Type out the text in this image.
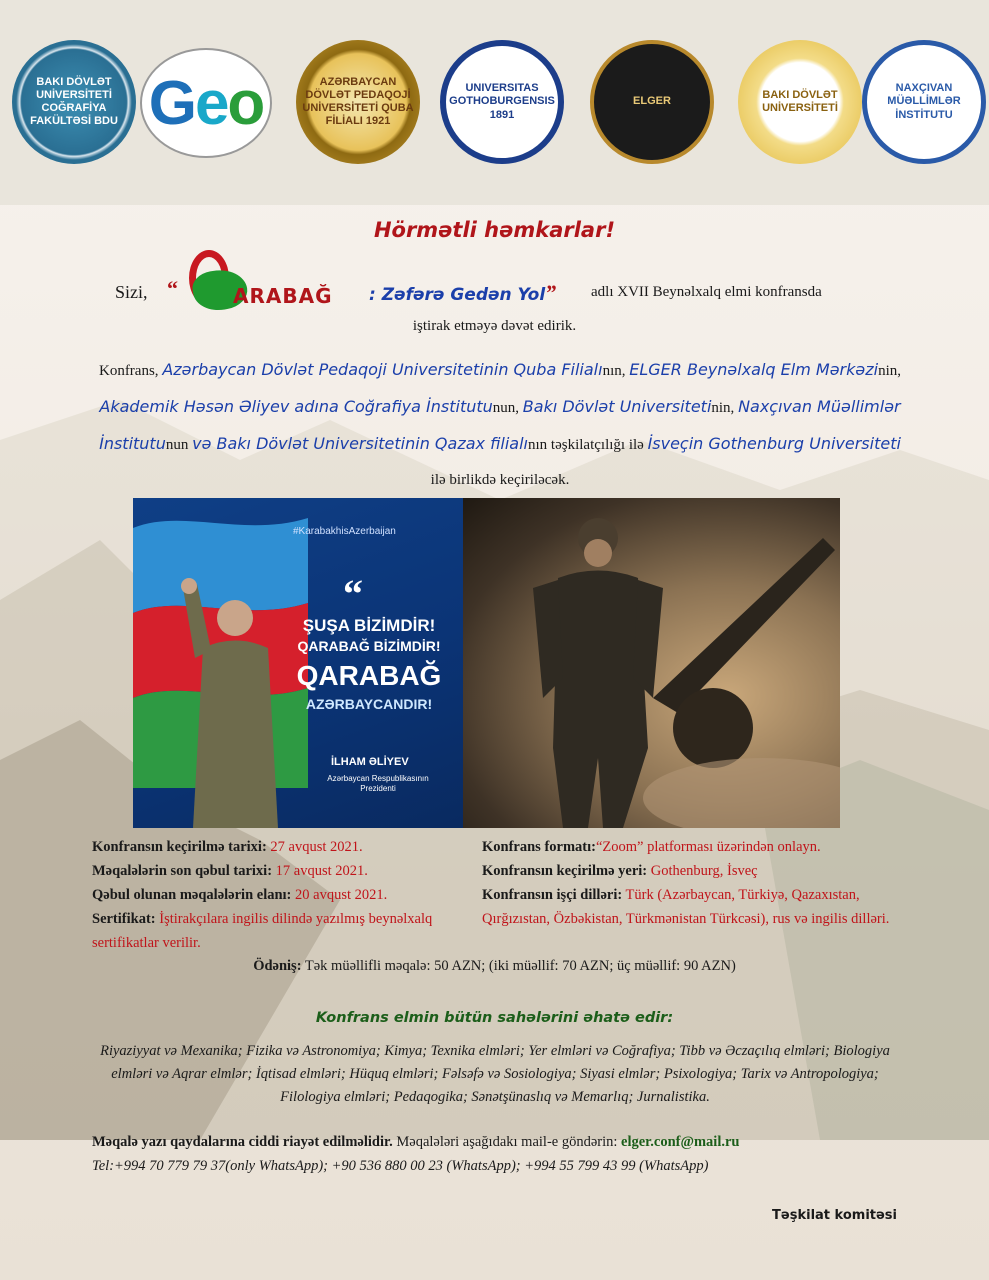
BAKI DÖVLƏT UNİVERSİTETİ COĞRAFİYA FAKÜLTƏSİ BDU Geo	AZƏRBAYCAN DÖVLƏT PEDAQOJİ UNİVERSİTETİ QUBA FİLİALI 1921
UNIVERSITAS GOTHOBURGENSIS 1891
ELGER
BAKI DÖVLƏT UNİVERSİTETİ
NAXÇIVAN MÜƏLLİMLƏR İNSTİTUTU
Hörmətli həmkarlar!
Sizi, “	ARABAĞ : Zəfərə Gedən Yol” adlı XVII Beynəlxalq elmi konfransda
iştirak etməyə dəvət edirik.
Konfrans, Azərbaycan Dövlət Pedaqoji Universitetinin Quba Filialının, ELGER Beynəlxalq Elm Mərkəzinin, Akademik Həsən Əliyev adına Coğrafiya İnstitutunun, Bakı Dövlət Universitetinin, Naxçıvan Müəllimlər İnstitutunun və Bakı Dövlət Universitetinin Qazax filialının təşkilatçılığı ilə İsveçin Gothenburg Universiteti ilə birlikdə keçiriləcək.
#KarabakhisAzerbaijan
“
ŞUŞA BİZİMDİR!
QARABAĞ BİZİMDİR!
QARABAĞ
AZƏRBAYCANDIR!
İLHAM ƏLİYEV
Azərbaycan Respublikasının Prezidenti
Konfransın keçirilmə tarixi: 27 avqust 2021.
Məqalələrin son qəbul tarixi: 17 avqust 2021.
Qəbul olunan məqalələrin elanı: 20 avqust 2021.
Sertifikat: İştirakçılara ingilis dilində yazılmış beynəlxalq sertifikatlar verilir.
Konfrans formatı:“Zoom” platforması üzərindən onlayn.
Konfransın keçirilmə yeri: Gothenburg, İsveç
Konfransın işçi dilləri: Türk (Azərbaycan, Türkiyə, Qazaxıstan, Qırğızıstan, Özbəkistan, Türkmənistan Türkcəsi), rus və ingilis dilləri.
Ödəniş: Tək müəllifli məqalə: 50 AZN; (iki müəllif: 70 AZN; üç müəllif: 90 AZN)
Konfrans elmin bütün sahələrini əhatə edir:
Riyaziyyat və Mexanika; Fizika və Astronomiya; Kimya; Texnika elmləri; Yer elmləri və Coğrafiya; Tibb və Əczaçılıq elmləri; Biologiya elmləri və Aqrar elmlər; İqtisad elmləri; Hüquq elmləri; Fəlsəfə və Sosiologiya; Siyasi elmlər; Psixologiya; Tarix və Antropologiya; Filologiya elmləri; Pedaqogika; Sənətşünaslıq və Memarlıq; Jurnalistika.
Məqalə yazı qaydalarına ciddi riayət edilməlidir. Məqalələri aşağıdakı mail-e göndərin: elger.conf@mail.ru
Tel:+994 70 779 79 37(only WhatsApp); +90 536 880 00 23 (WhatsApp); +994 55 799 43 99 (WhatsApp)
Təşkilat komitəsi
